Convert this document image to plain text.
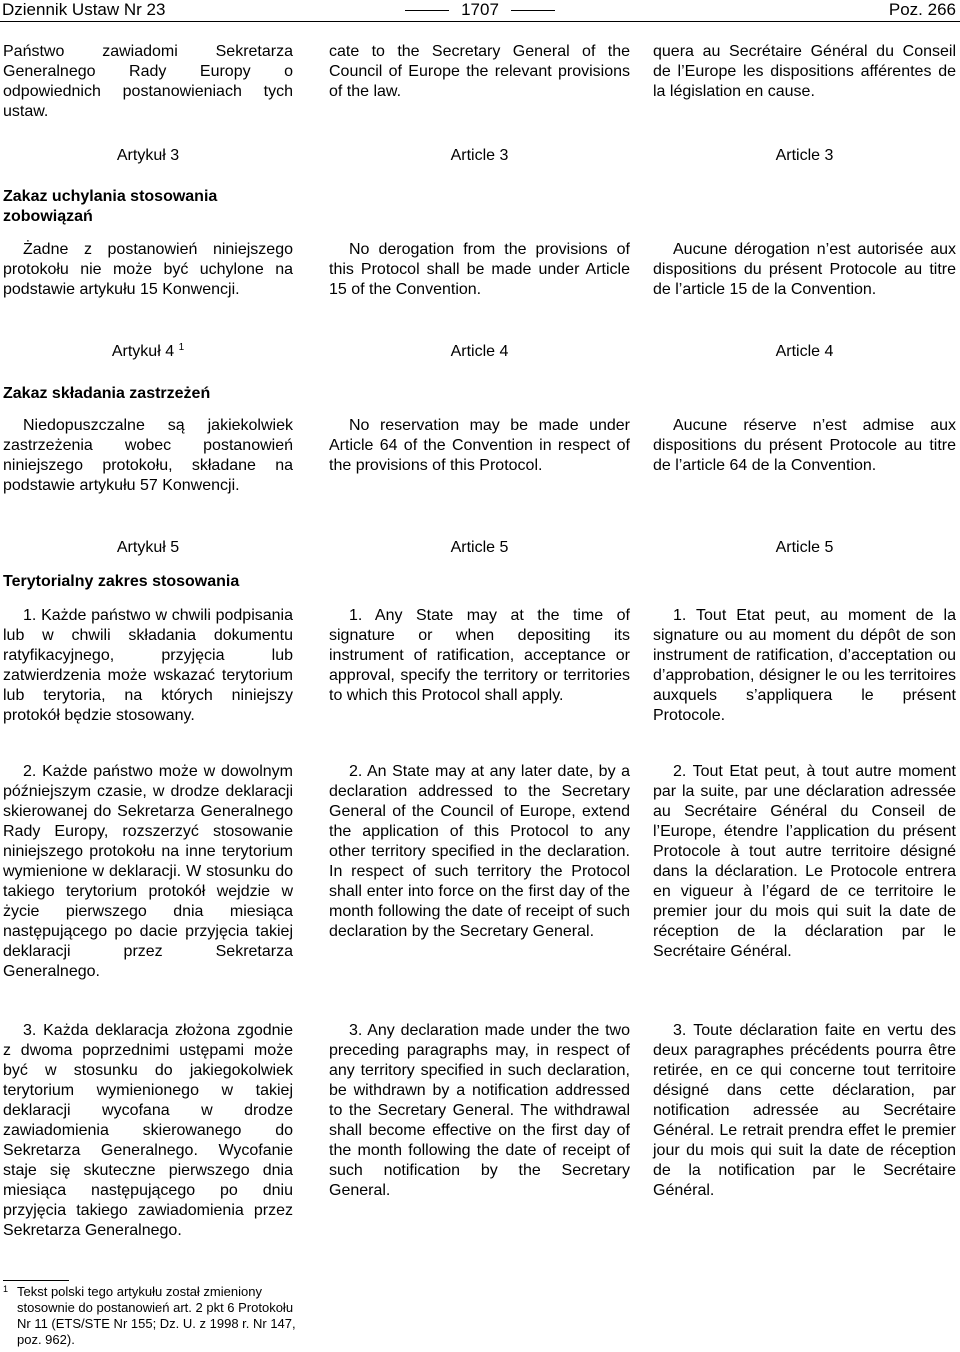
Dziennik Ustaw Nr 23	1707	Poz. 266

Państwo zawiadomi Sekretarza Generalnego Rady Europy o odpowiednich postanowieniach tych ustaw.

Artykuł 3
Zakaz uchylania stosowania zobowiązań

Żadne z postanowień niniejszego protokołu nie może być uchylone na podstawie artykułu 15 Konwencji.

Artykuł 4 $^1$
Zakaz składania zastrzeżeń

Niedopuszczalne są jakiekolwiek zastrzeżenia wobec postanowień niniejszego protokołu, składane na podstawie artykułu 57 Konwencji.

Artykuł 5
Terytorialny zakres stosowania

1. Każde państwo w chwili podpisania lub w chwili składania dokumentu ratyfikacyjnego, przyjęcia lub zatwierdzenia może wskazać terytorium lub terytoria, na których niniejszy protokół będzie stosowany.

2. Każde państwo może w dowolnym późniejszym czasie, w drodze deklaracji skierowanej do Sekretarza Generalnego Rady Europy, rozszerzyć stosowanie niniejszego protokołu na inne terytorium wymienione w deklaracji. W stosunku do takiego terytorium protokół wejdzie w życie pierwszego dnia miesiąca następującego po dacie przyjęcia takiej deklaracji przez Sekretarza Generalnego.

3. Każda deklaracja złożona zgodnie z dwoma poprzednimi ustępami może być w stosunku do jakiegokolwiek terytorium wymienionego w takiej deklaracji wycofana w drodze zawiadomienia skierowanego do Sekretarza Generalnego. Wycofanie staje się skuteczne pierwszego dnia miesiąca następującego po dniu przyjęcia takiego zawiadomienia przez Sekretarza Generalnego.

cate to the Secretary General of the Council of Europe the relevant provisions of the law.

Article 3

No derogation from the provisions of this Protocol shall be made under Article 15 of the Convention.

Article 4

No reservation may be made under Article 64 of the Convention in respect of the provisions of this Protocol.

Article 5

1. Any State may at the time of signature or when depositing its instrument of ratification, acceptance or approval, specify the territory or territories to which this Protocol shall apply.

2. An State may at any later date, by a declaration addressed to the Secretary General of the Council of Europe, extend the application of this Protocol to any other territory specified in the declaration. In respect of such territory the Protocol shall enter into force on the first day of the month following the date of receipt of such declaration by the Secretary General.

3. Any declaration made under the two preceding paragraphs may, in respect of any territory specified in such declaration, be withdrawn by a notification addressed to the Secretary General. The withdrawal shall become effective on the first day of the month following the date of receipt of such notification by the Secretary General.

quera au Secrétaire Général du Conseil de l’Europe les dispositions afférentes de la législation en cause.

Article 3

Aucune dérogation n’est autorisée aux dispositions du présent Protocole au titre de l’article 15 de la Convention.

Article 4

Aucune réserve n’est admise aux dispositions du présent Protocole au titre de l’article 64 de la Convention.

Article 5

1. Tout Etat peut, au moment de la signature ou au moment du dépôt de son instrument de ratification, d’acceptation ou d’approbation, désigner le ou les territoires auxquels s’appliquera le présent Protocole.

2. Tout Etat peut, à tout autre moment par la suite, par une déclaration adressée au Secrétaire Général du Conseil de l’Europe, étendre l’application du présent Protocole à tout autre territoire désigné dans la déclaration. Le Protocole entrera en vigueur à l’égard de ce territoire le premier jour du mois qui suit la date de réception de la déclaration par le Secrétaire Général.

3. Toute déclaration faite en vertu des deux paragraphes précédents pourra être retirée, en ce qui concerne tout territoire désigné dans cette déclaration, par notification adressée au Secrétaire Général. Le retrait prendra effet le premier jour du mois qui suit la date de réception de la notification par le Secrétaire Général.

1 Tekst polski tego artykułu został zmieniony stosownie do postanowień art. 2 pkt 6 Protokołu Nr 11 (ETS/STE Nr 155; Dz. U. z 1998 r. Nr 147, poz. 962).
